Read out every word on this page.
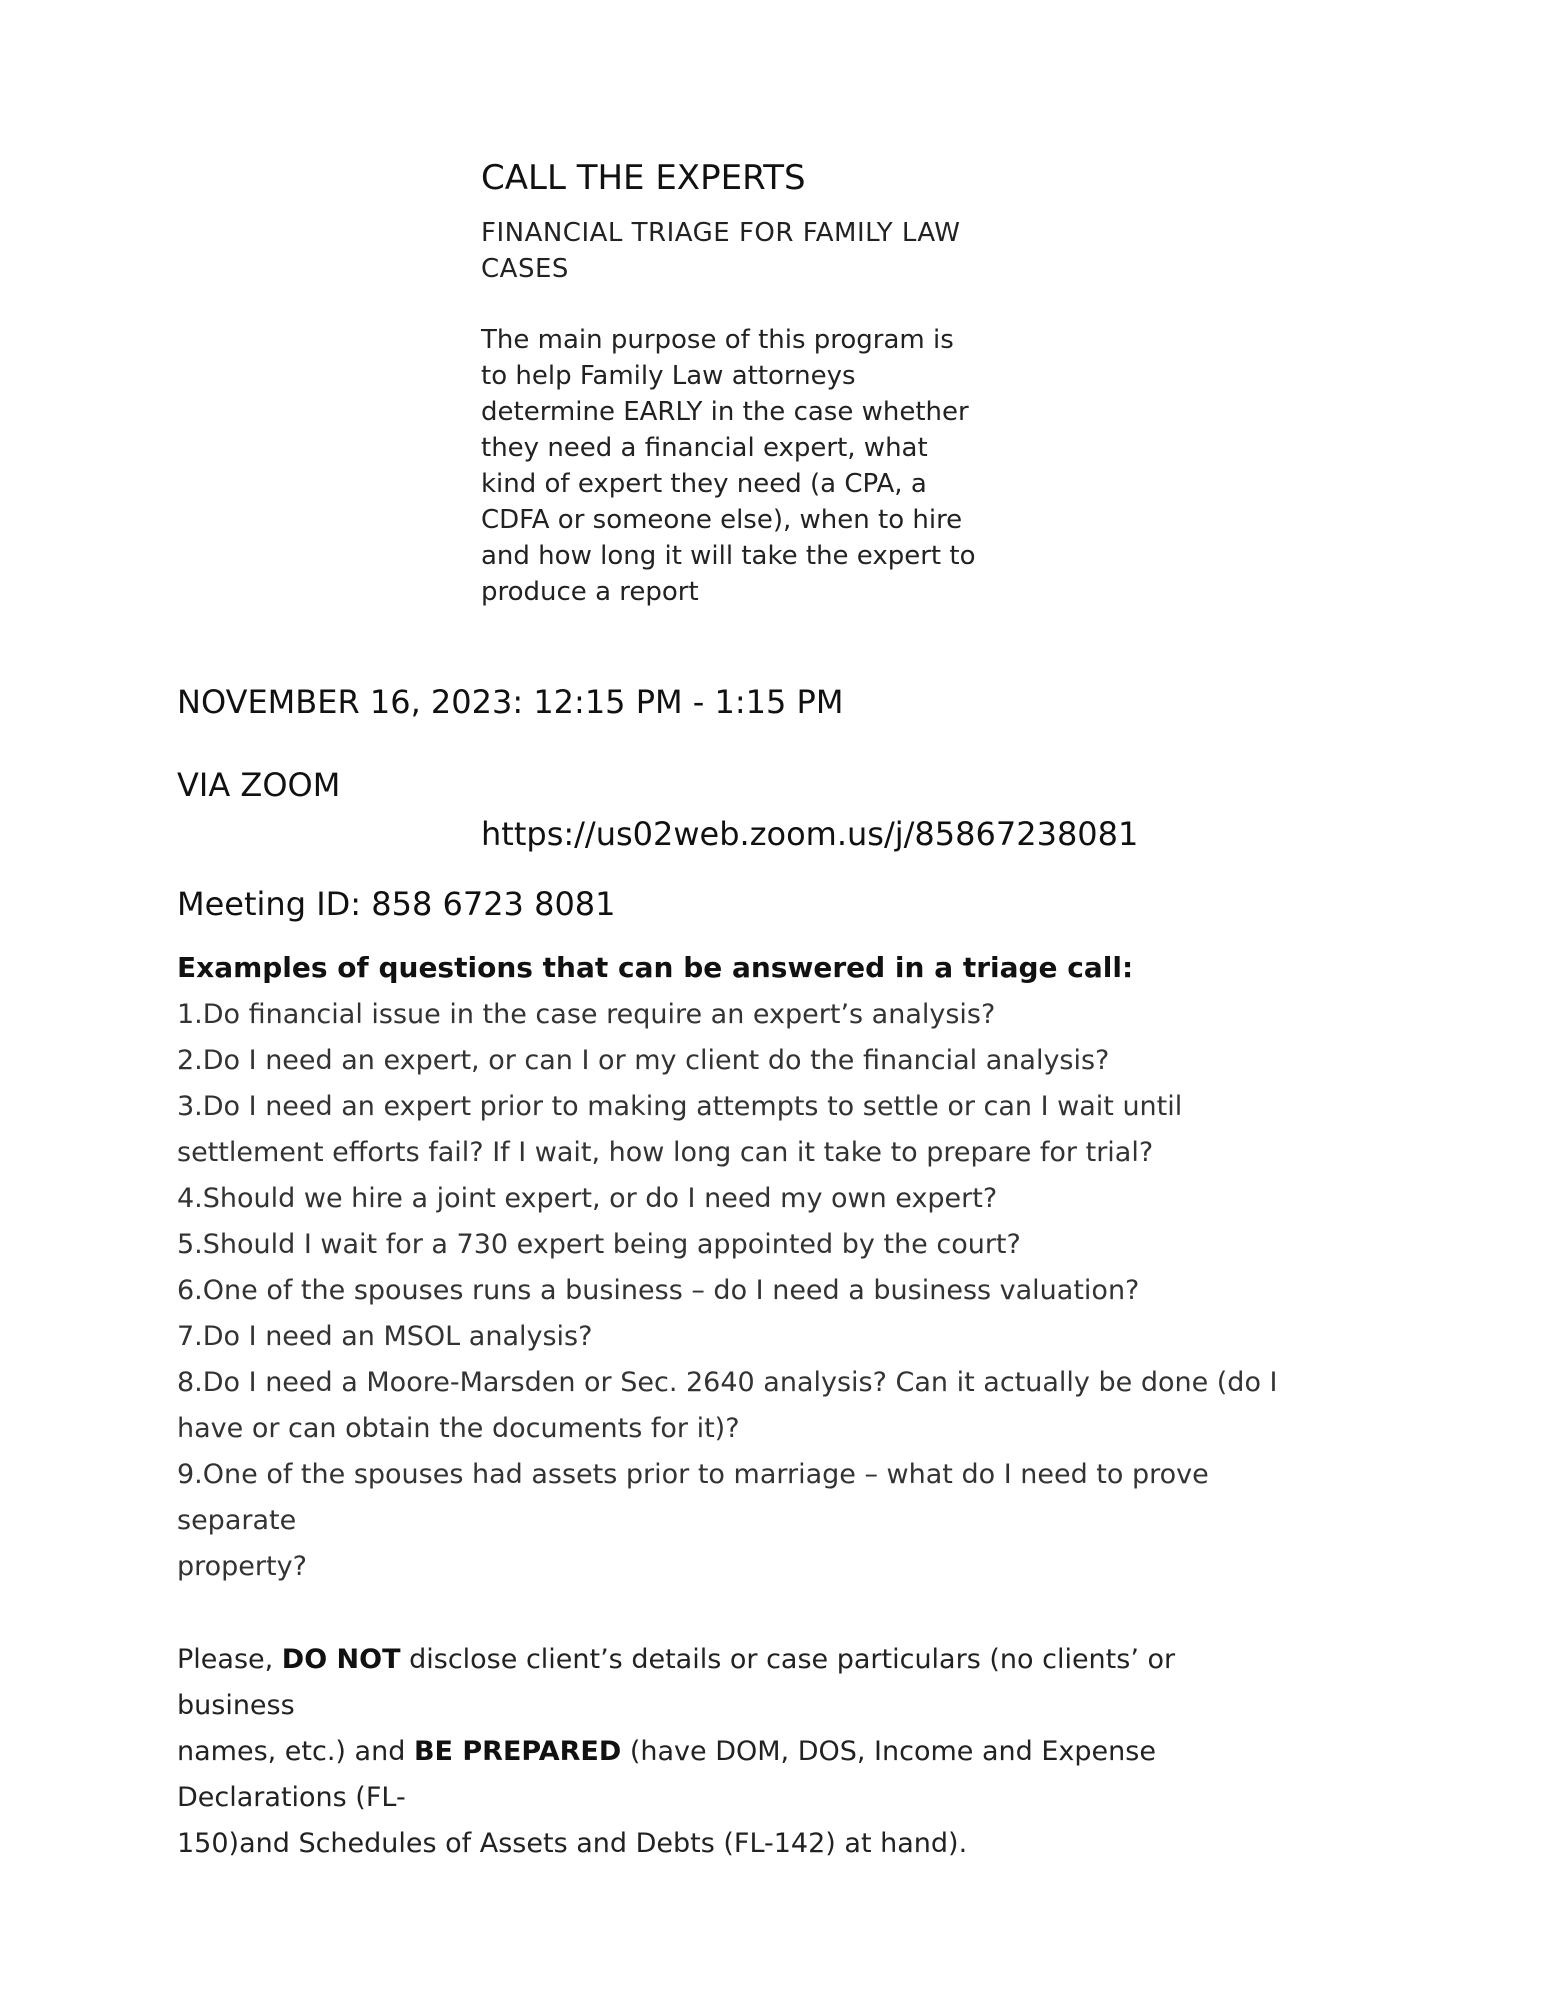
CALL THE EXPERTS
FINANCIAL TRIAGE FOR FAMILY LAW
CASES
The main purpose of this program is
to help Family Law attorneys
determine EARLY in the case whether
they need a financial expert, what
kind of expert they need (a CPA, a
CDFA or someone else), when to hire
and how long it will take the expert to
produce a report
NOVEMBER 16, 2023: 12:15 PM - 1:15 PM
VIA ZOOM
https://us02web.zoom.us/j/85867238081
Meeting ID: 858 6723 8081
Examples of questions that can be answered in a triage call:
1.Do financial issue in the case require an expert’s analysis?
2.Do I need an expert, or can I or my client do the financial analysis?
3.Do I need an expert prior to making attempts to settle or can I wait until
settlement efforts fail? If I wait, how long can it take to prepare for trial?
4.Should we hire a joint expert, or do I need my own expert?
5.Should I wait for a 730 expert being appointed by the court?
6.One of the spouses runs a business – do I need a business valuation?
7.Do I need an MSOL analysis?
8.Do I need a Moore-Marsden or Sec. 2640 analysis? Can it actually be done (do I
have or can obtain the documents for it)?
9.One of the spouses had assets prior to marriage – what do I need to prove
separate
property?
Please, DO NOT disclose client’s details or case particulars (no clients’ or
business
names, etc.) and BE PREPARED (have DOM, DOS, Income and Expense
Declarations (FL-
150)and Schedules of Assets and Debts (FL-142) at hand).
